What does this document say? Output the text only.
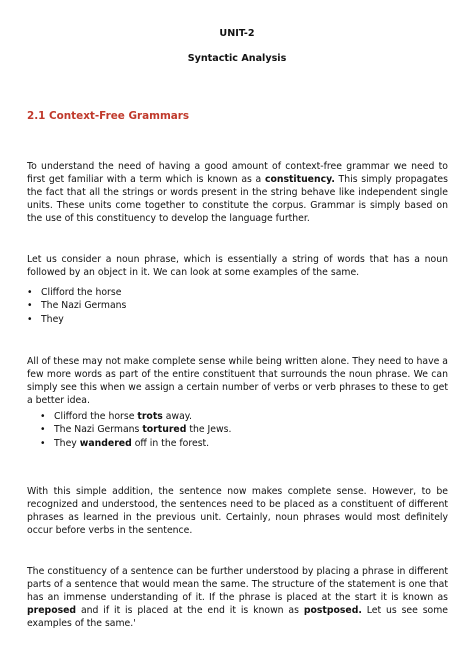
UNIT-2
Syntactic Analysis
2.1 Context-Free Grammars
To understand the need of having a good amount of context-free grammar we need to first get familiar with a term which is known as a constituency. This simply propagates the fact that all the strings or words present in the string behave like independent single units. These units come together to constitute the corpus. Grammar is simply based on the use of this constituency to develop the language further.
Let us consider a noun phrase, which is essentially a string of words that has a noun followed by an object in it. We can look at some examples of the same.
• Clifford the horse
• The Nazi Germans
• They
All of these may not make complete sense while being written alone. They need to have a few more words as part of the entire constituent that surrounds the noun phrase. We can simply see this when we assign a certain number of verbs or verb phrases to these to get a better idea.
• Clifford the horse trots away.
• The Nazi Germans tortured the Jews.
• They wandered off in the forest.
With this simple addition, the sentence now makes complete sense. However, to be recognized and understood, the sentences need to be placed as a constituent of different phrases as learned in the previous unit. Certainly, noun phrases would most definitely occur before verbs in the sentence.
The constituency of a sentence can be further understood by placing a phrase in different parts of a sentence that would mean the same. The structure of the statement is one that has an immense understanding of it. If the phrase is placed at the start it is known as preposed and if it is placed at the end it is known as postposed. Let us see some examples of the same.'
